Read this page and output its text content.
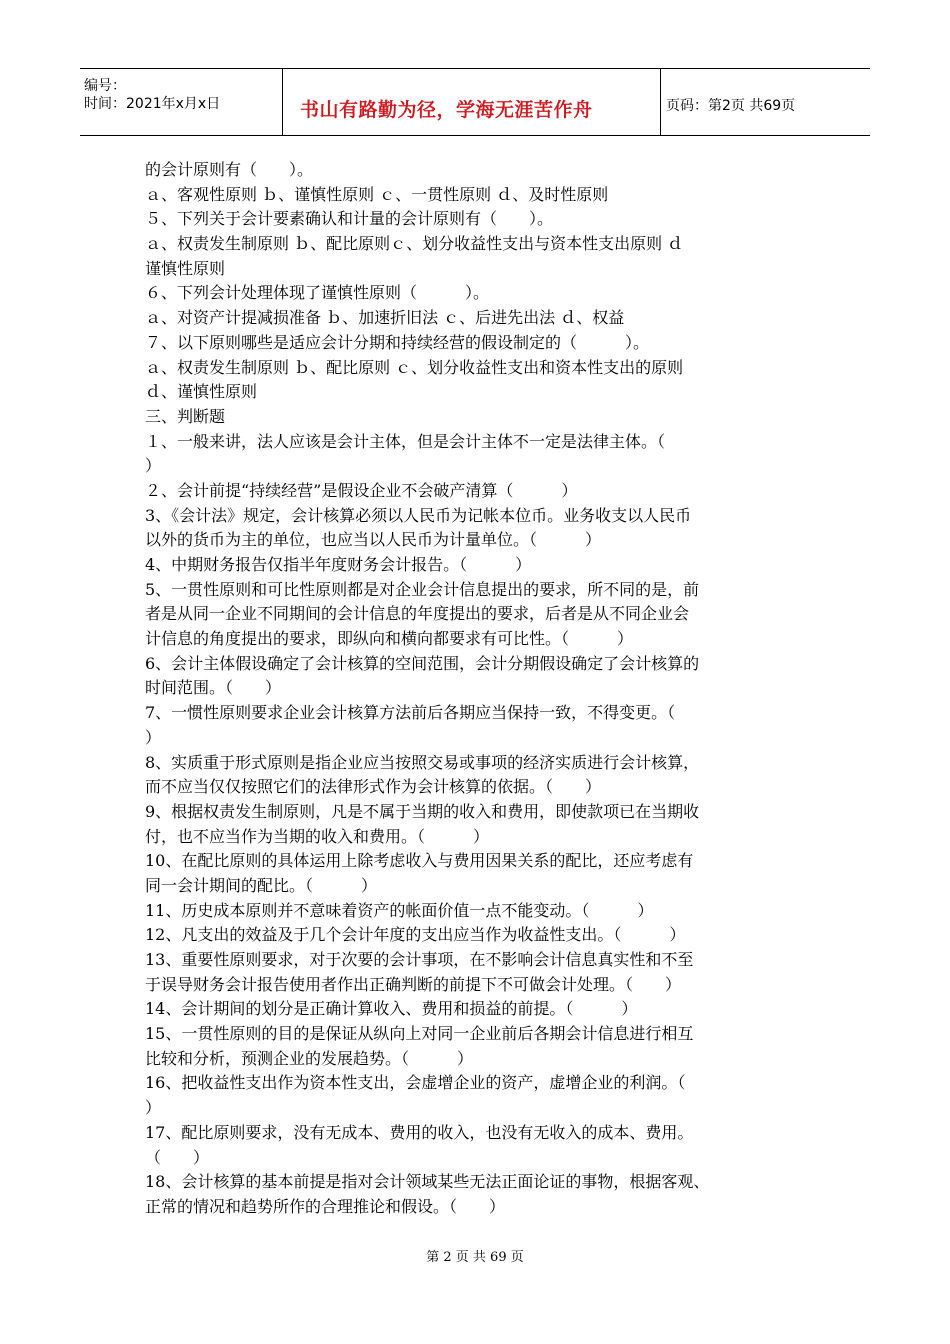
编号：
时间：2021年x月x日	书山有路勤为径，学海无涯苦作舟	页码：第2页 共69页
的会计原则有（　　）。
ａ、客观性原则 ｂ、谨慎性原则 ｃ、一贯性原则 ｄ、及时性原则
５、下列关于会计要素确认和计量的会计原则有（　　）。
ａ、权责发生制原则 ｂ、配比原则ｃ、划分收益性支出与资本性支出原则 ｄ
谨慎性原则
６、下列会计处理体现了谨慎性原则（　　　）。
ａ、对资产计提减损准备 ｂ、加速折旧法 ｃ、后进先出法 ｄ、权益
７、以下原则哪些是适应会计分期和持续经营的假设制定的（　　　）。
ａ、权责发生制原则 ｂ、配比原则 ｃ、划分收益性支出和资本性支出的原则
ｄ、谨慎性原则
三、判断题
１、一般来讲，法人应该是会计主体，但是会计主体不一定是法律主体。（
）
２、会计前提“持续经营”是假设企业不会破产清算（　　　）
3、《会计法》规定，会计核算必须以人民币为记帐本位币。业务收支以人民币
以外的货币为主的单位，也应当以人民币为计量单位。（　　　）
4、中期财务报告仅指半年度财务会计报告。（　　　）
5、一贯性原则和可比性原则都是对企业会计信息提出的要求，所不同的是，前
者是从同一企业不同期间的会计信息的年度提出的要求，后者是从不同企业会
计信息的角度提出的要求，即纵向和横向都要求有可比性。（　　　）
6、会计主体假设确定了会计核算的空间范围，会计分期假设确定了会计核算的
时间范围。（　　）
7、一惯性原则要求企业会计核算方法前后各期应当保持一致，不得变更。（
）
8、实质重于形式原则是指企业应当按照交易或事项的经济实质进行会计核算，
而不应当仅仅按照它们的法律形式作为会计核算的依据。（　　）
9、根据权责发生制原则，凡是不属于当期的收入和费用，即使款项已在当期收
付，也不应当作为当期的收入和费用。（　　　）
10、在配比原则的具体运用上除考虑收入与费用因果关系的配比，还应考虑有
同一会计期间的配比。（　　　）
11、历史成本原则并不意味着资产的帐面价值一点不能变动。（　　　）
12、凡支出的效益及于几个会计年度的支出应当作为收益性支出。（　　　）
13、重要性原则要求，对于次要的会计事项，在不影响会计信息真实性和不至
于误导财务会计报告使用者作出正确判断的前提下不可做会计处理。（　　）
14、会计期间的划分是正确计算收入、费用和损益的前提。（　　　）
15、一贯性原则的目的是保证从纵向上对同一企业前后各期会计信息进行相互
比较和分析，预测企业的发展趋势。（　　　）
16、把收益性支出作为资本性支出，会虚增企业的资产，虚增企业的利润。（
）
17、配比原则要求，没有无成本、费用的收入，也没有无收入的成本、费用。
（　　）
18、会计核算的基本前提是指对会计领域某些无法正面论证的事物，根据客观、
正常的情况和趋势所作的合理推论和假设。（　　）
第 2 页 共 69 页
